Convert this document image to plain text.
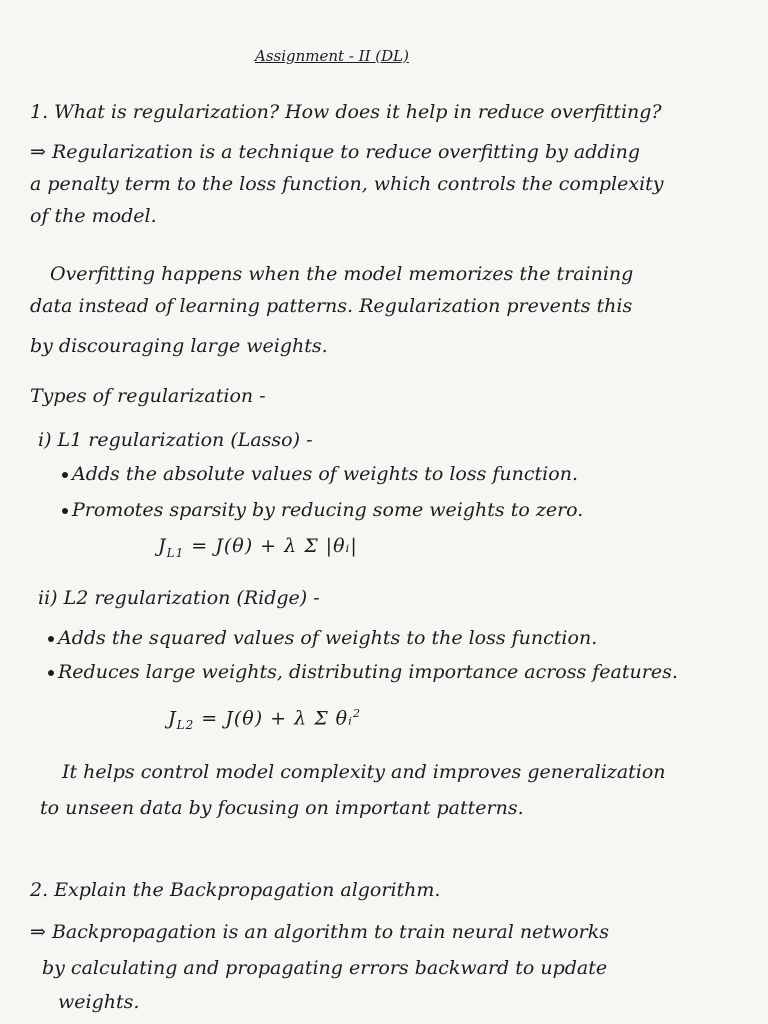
Assignment - II (DL)
1. What is regularization? How does it help in reduce overfitting?
⇒ Regularization is a technique to reduce overfitting by adding
a penalty term to the loss function, which controls the complexity
of the model.
Overfitting happens when the model memorizes the training
data instead of learning patterns. Regularization prevents this
by discouraging large weights.
Types of regularization -
i) L1 regularization (Lasso) -
Adds the absolute values of weights to loss function.
Promotes sparsity by reducing some weights to zero.
$J_{L1} = J(\theta) + \lambda$ Σ |θᵢ|
ii) L2 regularization (Ridge) -
Adds the squared values of weights to the loss function.
Reduces large weights, distributing importance across features.
$J_{L2} = J(\theta) + \lambda$ Σ θᵢ$^2$
It helps control model complexity and improves generalization
to unseen data by focusing on important patterns.
2. Explain the Backpropagation algorithm.
⇒ Backpropagation is an algorithm to train neural networks
by calculating and propagating errors backward to update
weights.
